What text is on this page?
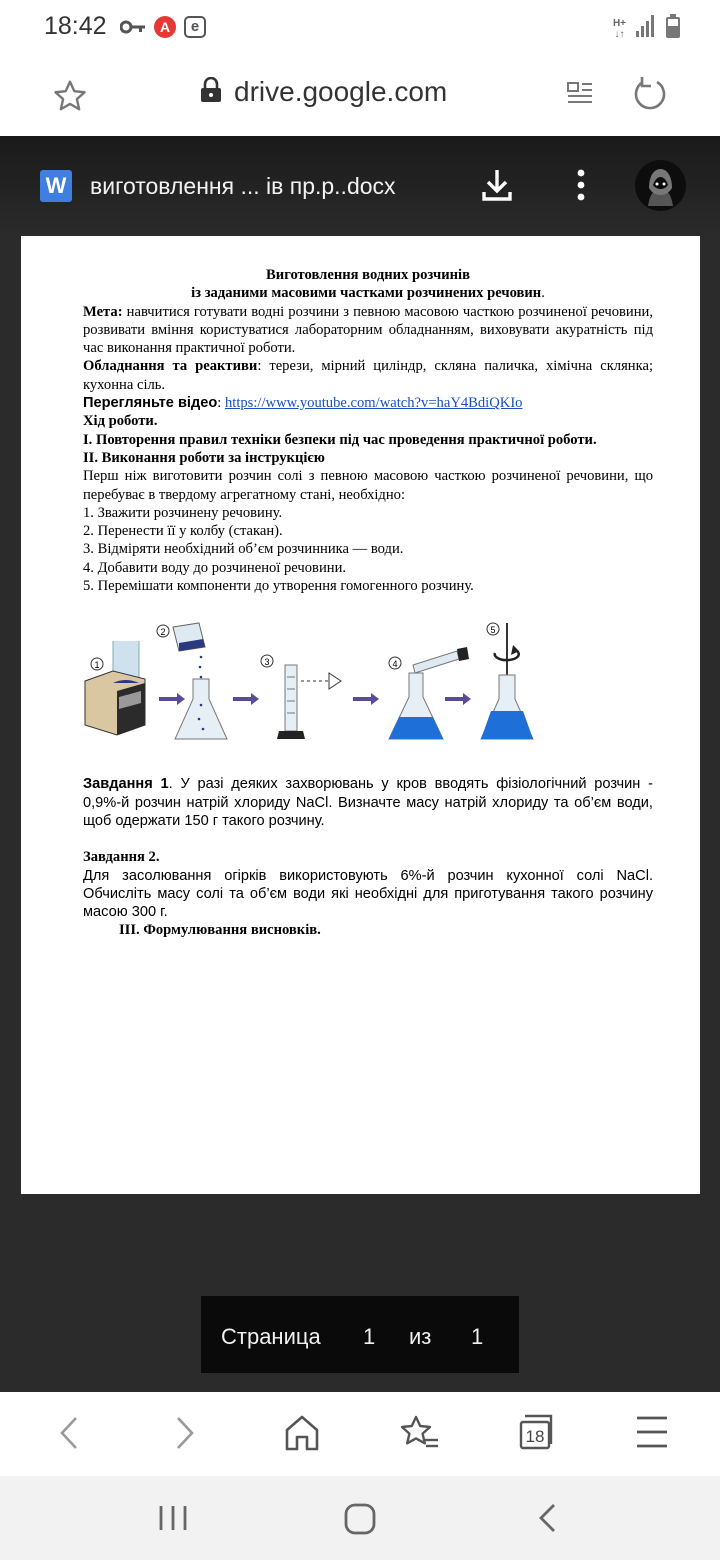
18:42	A	e	H+
↓↑
drive.google.com
W виготовлення ... ів пр.р..docx

Виготовлення водних розчинів

із заданими масовими частками розчинених речовин.

Мета: навчитися готувати водні розчини з певною масовою часткою розчиненої речовини, розвивати вміння користуватися лабораторним обладнанням, виховувати акуратність під час виконання практичної роботи.

Обладнання та реактиви: терези, мірний циліндр, скляна паличка, хімічна склянка; кухонна сіль.

Перегляньте відео: https://www.youtube.com/watch?v=haY4BdiQKIo

Хід роботи.

І. Повторення правил техніки безпеки під час проведення практичної роботи.

ІІ. Виконання роботи за інструкцією

Перш ніж виготовити розчин солі з певною масовою часткою розчиненої речовини, що перебуває в твердому агрегатному стані, необхідно:

1. Зважити розчинену речовину.

2. Перенести її у колбу (стакан).

3. Відміряти необхідний об’єм розчинника — води.

4. Добавити воду до розчиненої речовини.

5. Перемішати компоненти до утворення гомогенного розчину.

1
2
3	4
5

Завдання 1. У разі деяких захворювань у кров вводять фізіологічний розчин - 0,9%-й розчин натрій хлориду NaCl. Визначте масу натрій хлориду та об’єм води, щоб одержати 150 г такого розчину.

Завдання 2.

Для засолювання огірків використовують 6%-й розчин кухонної солі NaCl. Обчисліть масу солі та об’єм води які необхідні для приготування такого розчину масою 300 г.

ІІІ. Формулювання висновків.

Страница 1 из 1
18
